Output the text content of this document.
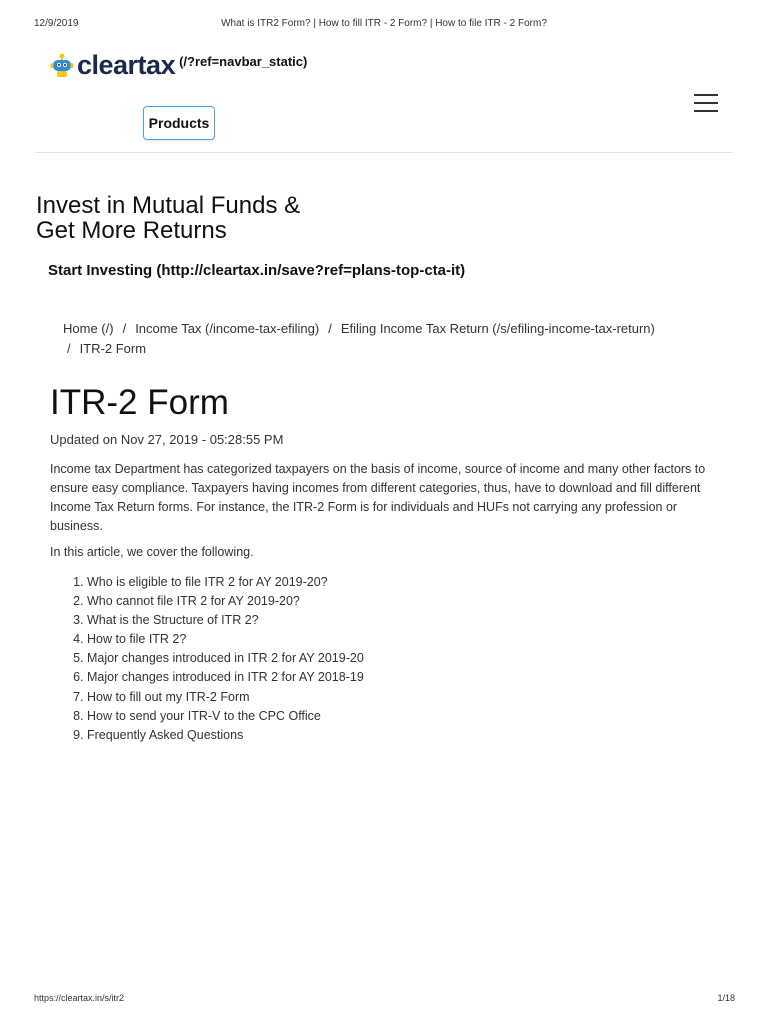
12/9/2019	What is ITR2 Form? | How to fill ITR - 2 Form? | How to file ITR - 2 Form?
cleartax (/?ref=navbar_static)
Products
Invest in Mutual Funds &
Get More Returns
Start Investing (http://cleartax.in/save?ref=plans-top-cta-it)
Home (/) / Income Tax (/income-tax-efiling) / Efiling Income Tax Return (/s/efiling-income-tax-return)
/ ITR-2 Form
ITR-2 Form
Updated on Nov 27, 2019 - 05:28:55 PM

Income tax Department has categorized taxpayers on the basis of income, source of income and many other factors to ensure easy compliance. Taxpayers having incomes from different categories, thus, have to download and fill different Income Tax Return forms. For instance, the ITR-2 Form is for individuals and HUFs not carrying any profession or business.

In this article, we cover the following.

1. Who is eligible to file ITR 2 for AY 2019-20?
2. Who cannot file ITR 2 for AY 2019-20?
3. What is the Structure of ITR 2?
4. How to file ITR 2?
5. Major changes introduced in ITR 2 for AY 2019-20
6. Major changes introduced in ITR 2 for AY 2018-19
7. How to fill out my ITR-2 Form
8. How to send your ITR-V to the CPC Office
9. Frequently Asked Questions
https://cleartax.in/s/itr2	1/18
